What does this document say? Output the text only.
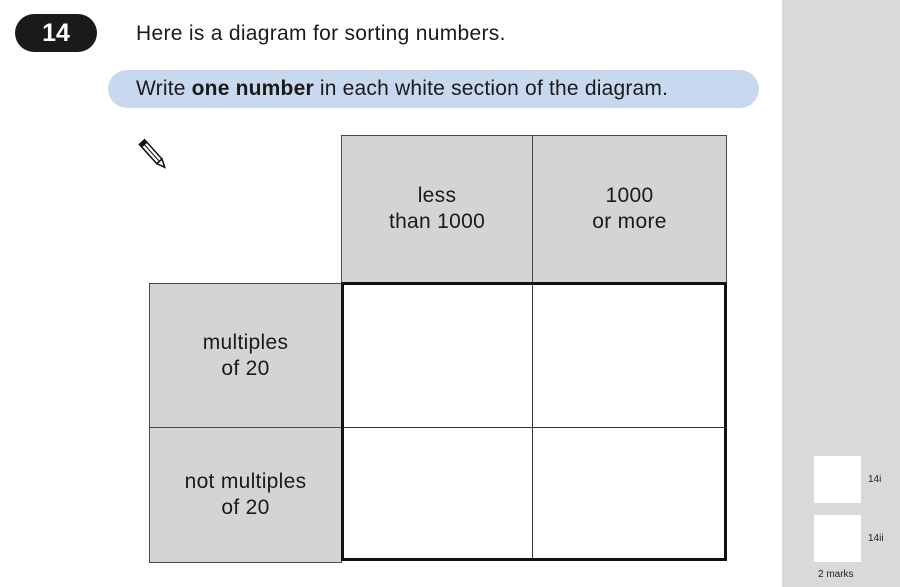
14	Here is a diagram for sorting numbers.
Write one number in each white section of the diagram.
less
than 1000
1000
or more
multiples
of 20
not multiples
of 20
14i
14ii
2 marks
